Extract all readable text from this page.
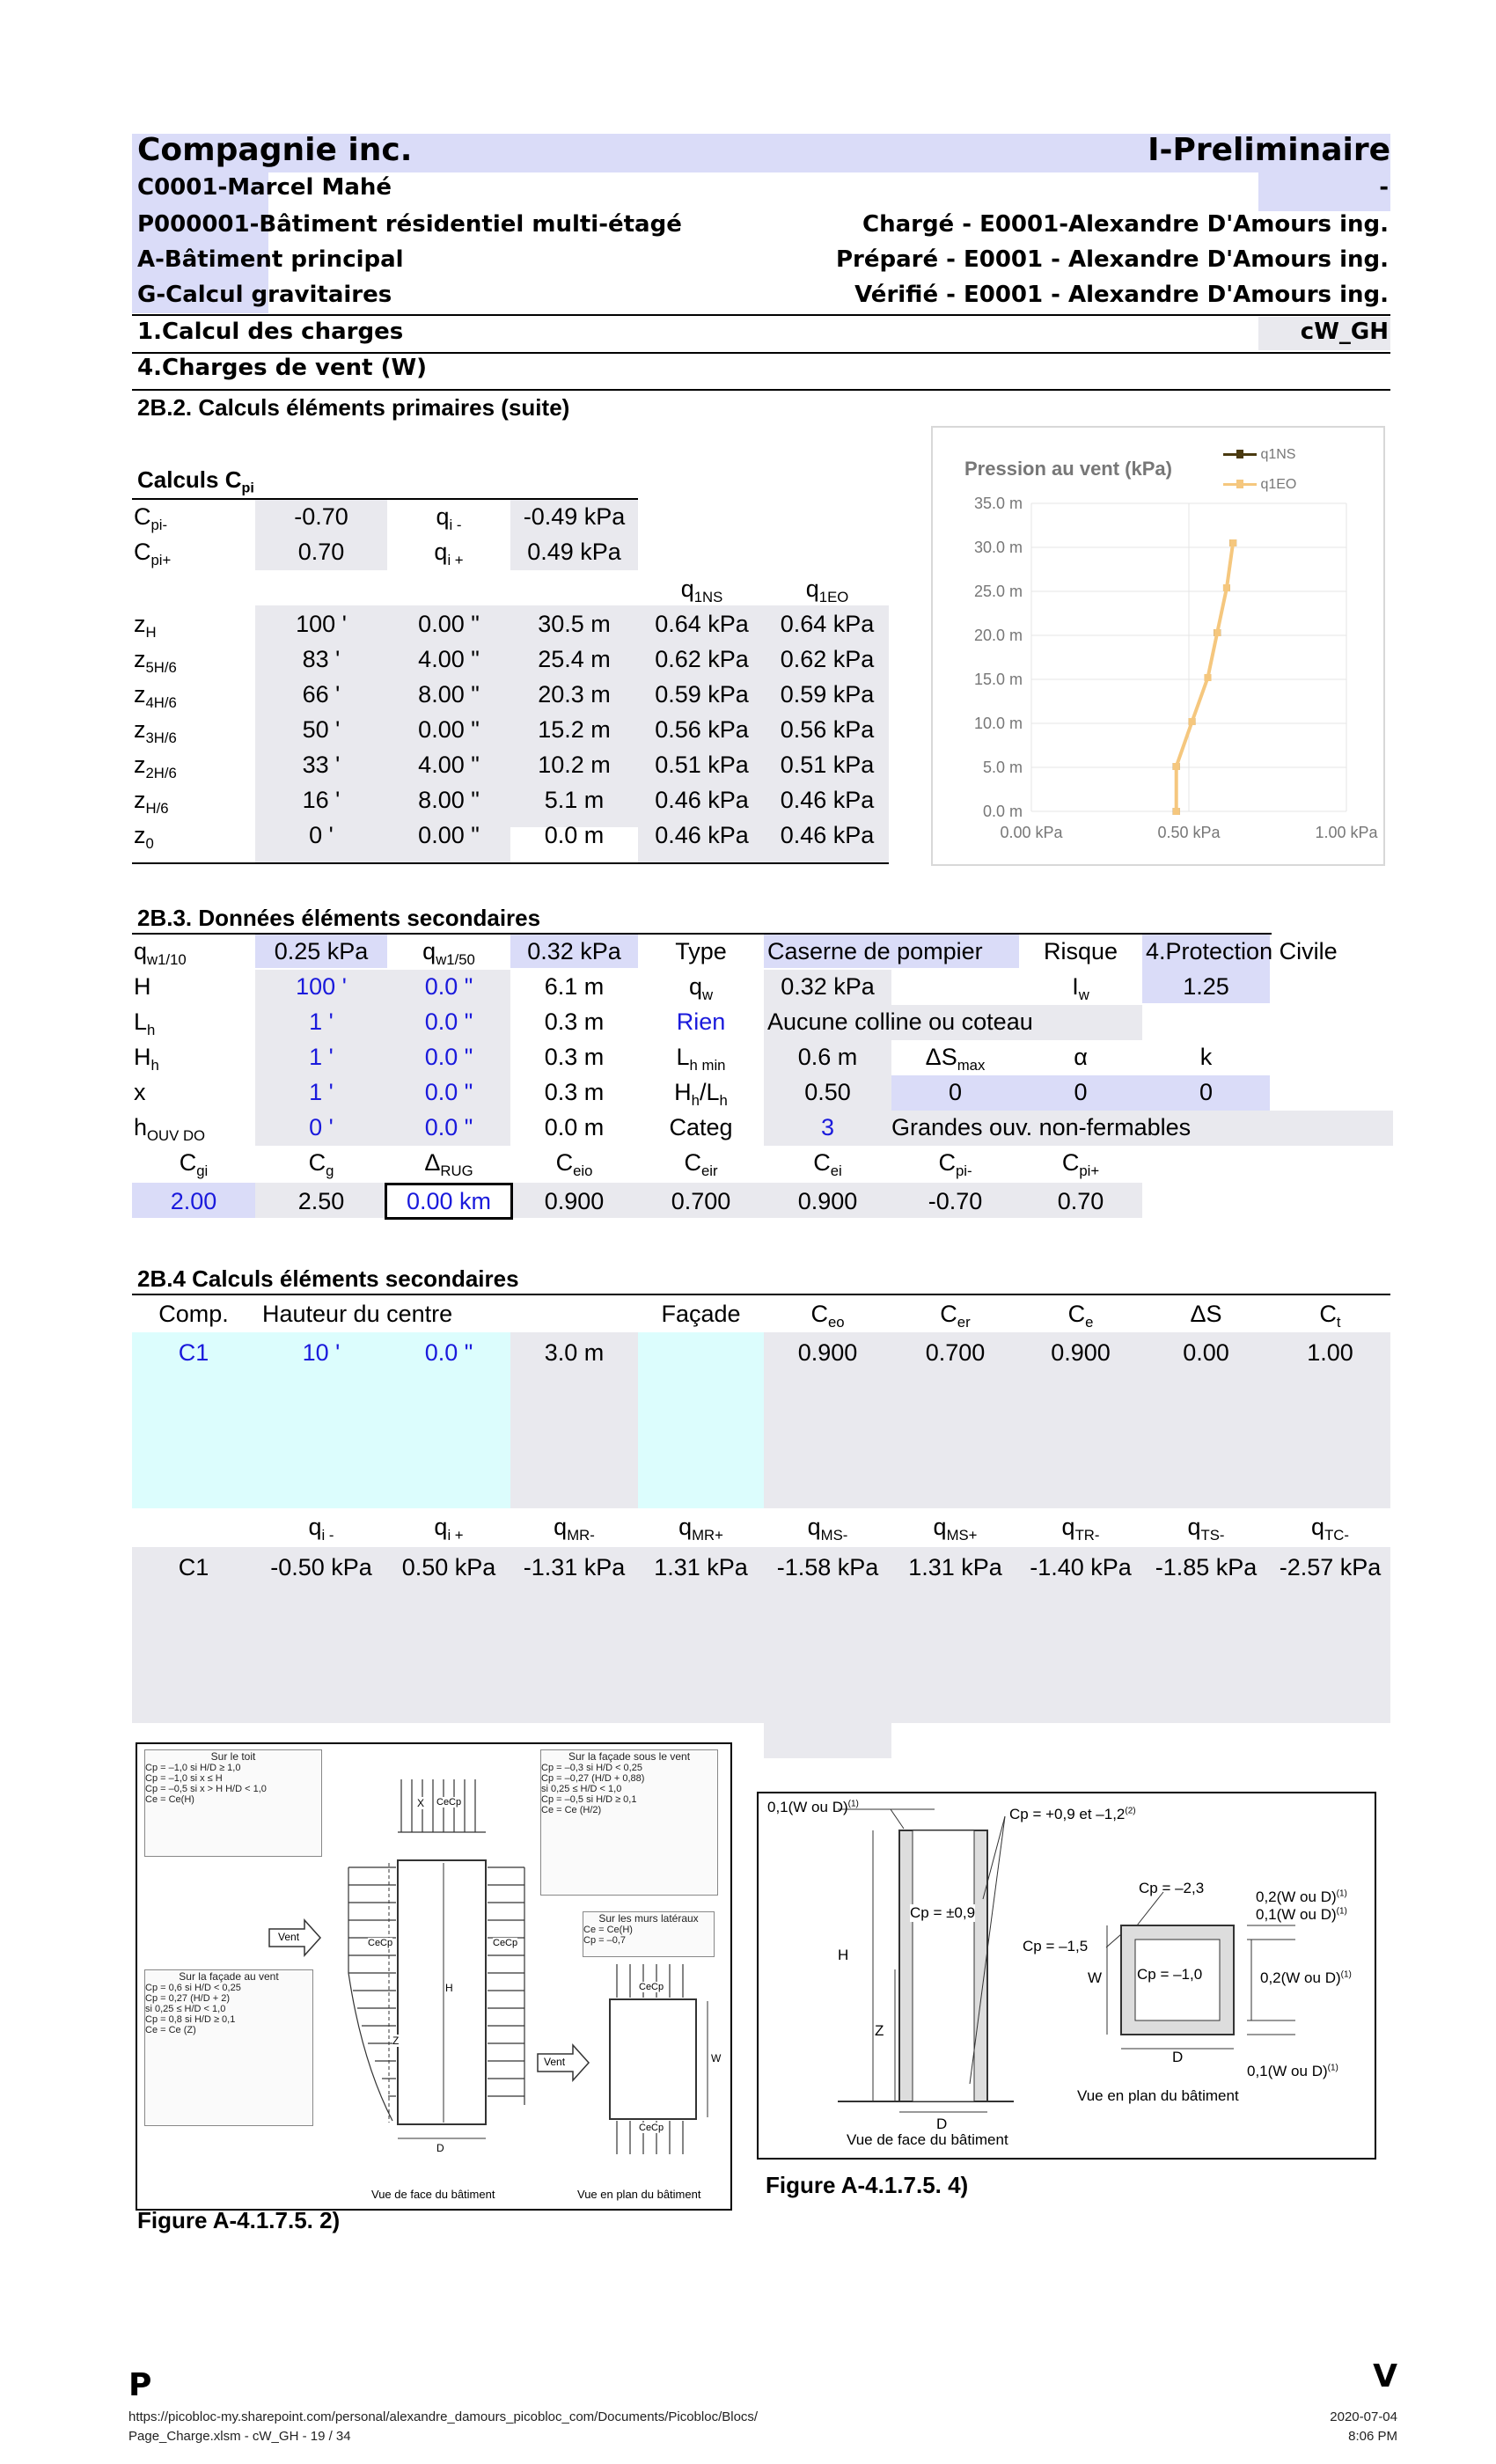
Compagnie inc.	I-Preliminaire
C0001-Marcel Mahé	-
P000001-Bâtiment résidentiel multi-étagé	Chargé - E0001-Alexandre D'Amours ing.
A-Bâtiment principal	Préparé - E0001 - Alexandre D'Amours ing.
G-Calcul gravitaires	Vérifié - E0001 - Alexandre D'Amours ing.
1.Calcul des charges	cW_GH
4.Charges de vent (W)
2B.2. Calculs éléments primaires (suite)
Calculs $C_{pi}$
$C_{pi-}$	-0.70	$q_{i -}$	-0.49 kPa
$C_{pi+}$	0.70	$q_{i +}$	0.49 kPa
$q_{1NS}$	$q_{1EO}$
$z_H$	100 '	0.00 "	30.5 m	0.64 kPa	0.64 kPa
$z_{5H/6}$	83 '	4.00 "	25.4 m	0.62 kPa	0.62 kPa
$z_{4H/6}$	66 '	8.00 "	20.3 m	0.59 kPa	0.59 kPa
$z_{3H/6}$	50 '	0.00 "	15.2 m	0.56 kPa	0.56 kPa
$z_{2H/6}$	33 '	4.00 "	10.2 m	0.51 kPa	0.51 kPa
$z_{H/6}$	16 '	8.00 "	5.1 m	0.46 kPa	0.46 kPa
$z_0$	0 '	0.00 "	0.0 m	0.46 kPa	0.46 kPa
0.0 m
5.0 m
10.0 m
15.0 m
20.0 m
25.0 m
30.0 m
35.0 m
0.00 kPa	0.50 kPa	1.00 kPa
Pression au vent (kPa)
q1NS
q1EO
2B.3. Données éléments secondaires
$q_{w1/10}$	0.25 kPa	$q_{w1/50}$	0.32 kPa	Type	Caserne de pompier	Risque	4.Protection Civile
H	100 '	0.0 "	6.1 m	$q_w$	0.32 kPa	$I_w$	1.25
$L_h$	1 '	0.0 "	0.3 m	Rien	Aucune colline ou coteau
$H_h$	1 '	0.0 "	0.3 m	$L_{h min}$	0.6 m	$\Delta S_{max}$	α	k
x	1 '	0.0 "	0.3 m	$H_h/L_h$	0.50	0	0	0
$h_{OUV DO}$	0 '	0.0 "	0.0 m	Categ	3	Grandes ouv. non-fermables
$C_{gi}$	$C_g$	$\Delta_{RUG}$	$C_{eio}$	$C_{eir}$	$C_{ei}$	$C_{pi-}$	$C_{pi+}$
2.00	2.50	0.00 km	0.900	0.700	0.900	-0.70	0.70
2B.4 Calculs éléments secondaires
Comp.	Hauteur du centre	Façade	$C_{eo}$	$C_{er}$	$C_e$	ΔS	$C_t$
C1	10 '	0.0 "	3.0 m	0.900	0.700	0.900	0.00	1.00
$q_{i -}$	$q_{i +}$	$q_{MR-}$	$q_{MR+}$	$q_{MS-}$	$q_{MS+}$	$q_{TR-}$	$q_{TS-}$	$q_{TC-}$
C1	-0.50 kPa	0.50 kPa	-1.31 kPa	1.31 kPa	-1.58 kPa	1.31 kPa	-1.40 kPa -1.85 kPa -2.57 kPa
Sur le toit
Cp = –1,0 si H/D ≥ 1,0
Cp = –1,0 si x ≤ H
Cp = –0,5 si x > H H/D < 1,0
Ce = Ce(H)
Sur la façade sous le vent
Cp = –0,3 si H/D < 0,25
Cp = –0,27 (H/D + 0,88)
si 0,25 ≤ H/D < 1,0
Cp = –0,5 si H/D ≥ 0,1
Ce = Ce (H/2)
Sur les murs latéraux
Ce = Ce(H)
Cp = –0,7
Sur la façade au vent
Cp = 0,6 si H/D < 0,25
Cp = 0,27 (H/D + 2)
si 0,25 ≤ H/D < 1,0
Cp = 0,8 si H/D ≥ 0,1
Ce = Ce (Z)
Vent
Vent
X CeCp
CeCp	CeCp
H
Z
D
W
CeCp
CeCp
Vue de face du bâtiment	Vue en plan du bâtiment
Figure A-4.1.7.5. 2)
0,1(W ou D)$^{(1)}$
Cp = +0,9 et –1,2$^{(2)}$
Cp = ±0,9
Cp = –2,3
0,2(W ou D)$^{(1)}$
0,1(W ou D)$^{(1)}$
Cp = –1,5
Cp = –1,0	0,2(W ou D)$^{(1)}$
0,1(W ou D)$^{(1)}$
H
Z
D
D
W
Vue de face du bâtiment
Vue en plan du bâtiment
Figure A-4.1.7.5. 4)
P	V
https://picobloc-my.sharepoint.com/personal/alexandre_damours_picobloc_com/Documents/Picobloc/Blocs/
Page_Charge.xlsm - cW_GH - 19 / 34
2020-07-04
8:06 PM
